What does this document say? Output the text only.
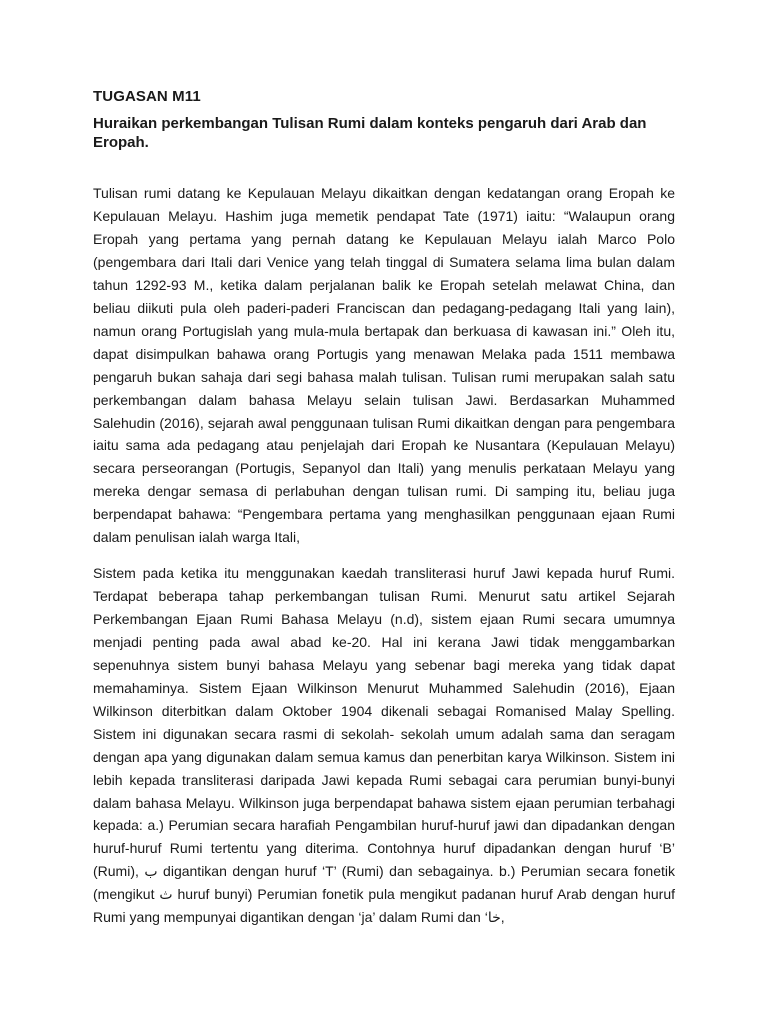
TUGASAN M11
Huraikan perkembangan Tulisan Rumi dalam konteks pengaruh dari Arab dan Eropah.

Tulisan rumi datang ke Kepulauan Melayu dikaitkan dengan kedatangan orang Eropah ke Kepulauan Melayu. Hashim juga memetik pendapat Tate (1971) iaitu: “Walaupun orang Eropah yang pertama yang pernah datang ke Kepulauan Melayu ialah Marco Polo (pengembara dari Itali dari Venice yang telah tinggal di Sumatera selama lima bulan dalam tahun 1292-93 M., ketika dalam perjalanan balik ke Eropah setelah melawat China, dan beliau diikuti pula oleh paderi-paderi Franciscan dan pedagang-pedagang Itali yang lain), namun orang Portugislah yang mula-mula bertapak dan berkuasa di kawasan ini.” Oleh itu, dapat disimpulkan bahawa orang Portugis yang menawan Melaka pada 1511 membawa pengaruh bukan sahaja dari segi bahasa malah tulisan. Tulisan rumi merupakan salah satu perkembangan dalam bahasa Melayu selain tulisan Jawi. Berdasarkan Muhammed Salehudin (2016), sejarah awal penggunaan tulisan Rumi dikaitkan dengan para pengembara iaitu sama ada pedagang atau penjelajah dari Eropah ke Nusantara (Kepulauan Melayu) secara perseorangan (Portugis, Sepanyol dan Itali) yang menulis perkataan Melayu yang mereka dengar semasa di perlabuhan dengan tulisan rumi. Di samping itu, beliau juga berpendapat bahawa: “Pengembara pertama yang menghasilkan penggunaan ejaan Rumi dalam penulisan ialah warga Itali,

Sistem pada ketika itu menggunakan kaedah transliterasi huruf Jawi kepada huruf Rumi. Terdapat beberapa tahap perkembangan tulisan Rumi. Menurut satu artikel Sejarah Perkembangan Ejaan Rumi Bahasa Melayu (n.d), sistem ejaan Rumi secara umumnya menjadi penting pada awal abad ke-20. Hal ini kerana Jawi tidak menggambarkan sepenuhnya sistem bunyi bahasa Melayu yang sebenar bagi mereka yang tidak dapat memahaminya. Sistem Ejaan Wilkinson Menurut Muhammed Salehudin (2016), Ejaan Wilkinson diterbitkan dalam Oktober 1904 dikenali sebagai Romanised Malay Spelling. Sistem ini digunakan secara rasmi di sekolah- sekolah umum adalah sama dan seragam dengan apa yang digunakan dalam semua kamus dan penerbitan karya Wilkinson. Sistem ini lebih kepada transliterasi daripada Jawi kepada Rumi sebagai cara perumian bunyi-bunyi dalam bahasa Melayu. Wilkinson juga berpendapat bahawa sistem ejaan perumian terbahagi kepada: a.) Perumian secara harafiah Pengambilan huruf-huruf jawi dan dipadankan dengan huruf-huruf Rumi tertentu yang diterima. Contohnya huruf dipadankan dengan huruf ‘B’ (Rumi), ب digantikan dengan huruf ‘T’ (Rumi) dan sebagainya. b.) Perumian secara fonetik (mengikut ث huruf bunyi) Perumian fonetik pula mengikut padanan huruf Arab dengan huruf Rumi yang mempunyai digantikan dengan ‘ja’ dalam Rumi dan ‘خا,
